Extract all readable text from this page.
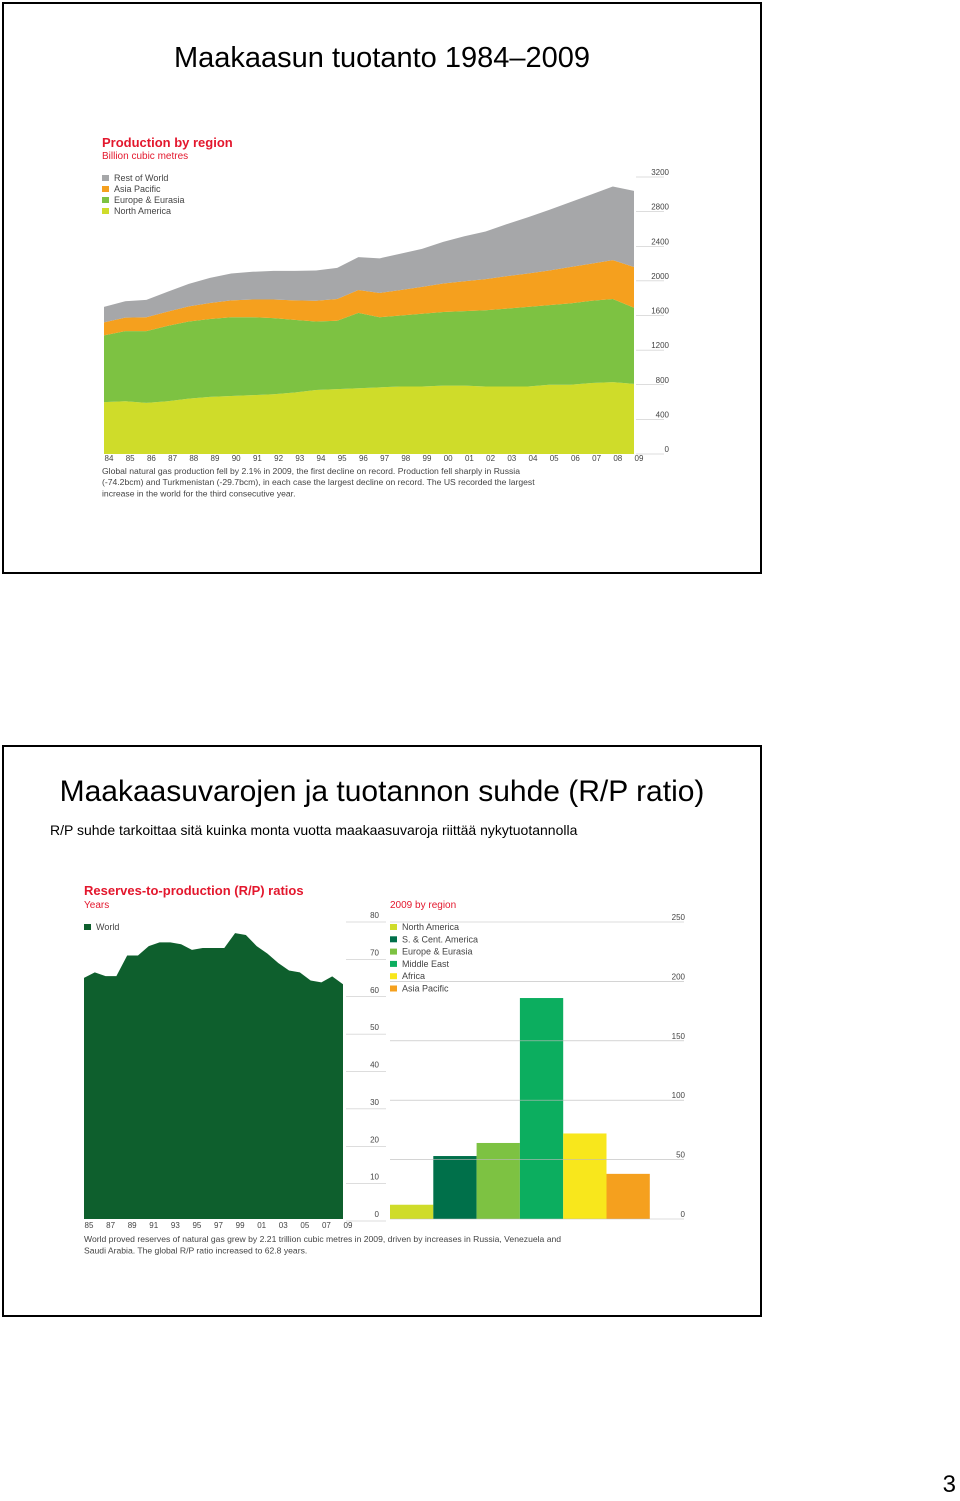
Maakaasun tuotanto 1984–2009
Production by region
Billion cubic metres
Rest of World
Asia Pacific
Europe & Eurasia
North America
3200
2800
2400
2000
1600
1200
800
400
0
84 85 86 87 88 89 90 91 92 93 94 95 96 97 98 99 00 01 02 03 04 05 06 07 08 09
Global natural gas production fell by 2.1% in 2009, the first decline on record. Production fell sharply in Russia (-74.2bcm) and Turkmenistan (-29.7bcm), in each case the largest decline on record. The US recorded the largest increase in the world for the third consecutive year.
Maakaasuvarojen ja tuotannon suhde (R/P ratio)
R/P suhde tarkoittaa sitä kuinka monta vuotta maakaasuvaroja riittää nykytuotannolla
Reserves-to-production (R/P) ratios
Years	2009 by region
World
80
70
60
50
40
30
20
10
0
85 87 89 91 93 95 97 99 01 03 05 07 09
North America
S. & Cent. America
Europe & Eurasia
Middle East
Africa
Asia Pacific
250
200
150
100
50
0
World proved reserves of natural gas grew by 2.21 trillion cubic metres in 2009, driven by increases in Russia, Venezuela and Saudi Arabia. The global R/P ratio increased to 62.8 years.
3
